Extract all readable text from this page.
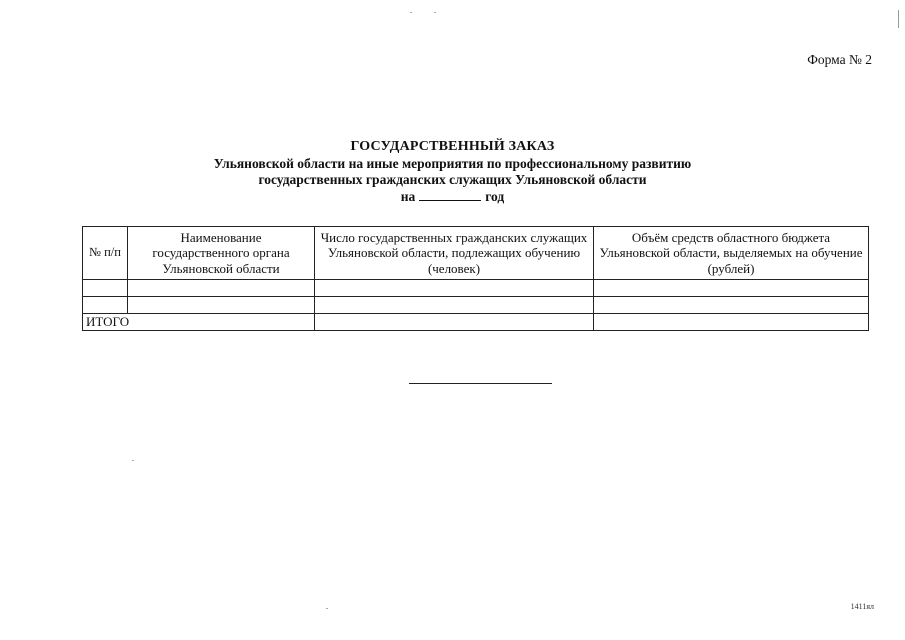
Форма № 2
ГОСУДАРСТВЕННЫЙ ЗАКАЗ
Ульяновской области на иные мероприятия по профессиональному развитию
государственных гражданских служащих Ульяновской области
на	год
№ п/п	Наименование государственного органа Ульяновской области	Число государственных гражданских служащих Ульяновской области, подлежащих обучению (человек)	Объём средств областного бюджета Ульяновской области, выделяемых на обучение (рублей)

ИТОГО			
1411ял
